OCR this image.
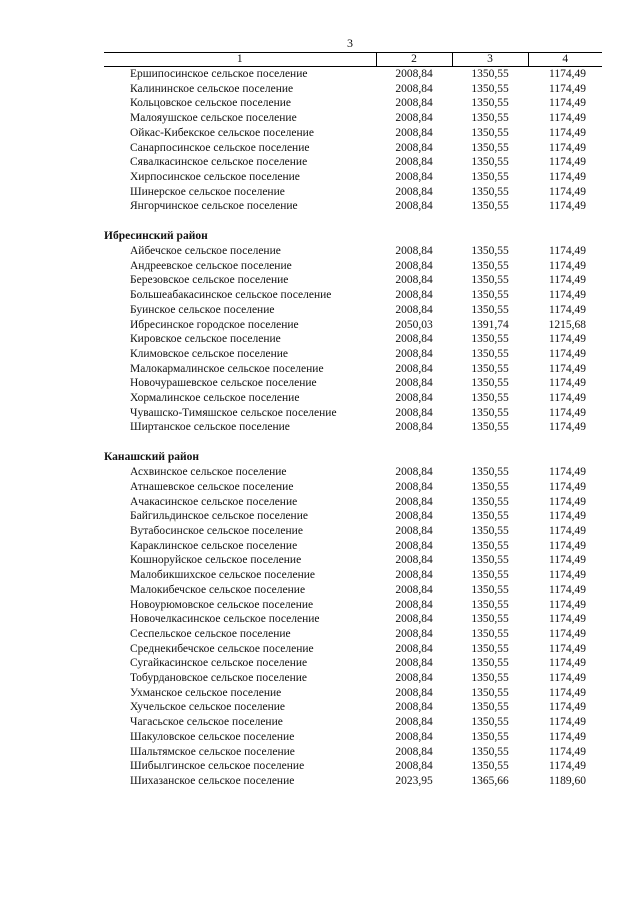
3
1	2	3	4
Ершипосинское сельское поселение	2008,84	1350,55	1174,49
Калининское сельское поселение	2008,84	1350,55	1174,49
Кольцовское сельское поселение	2008,84	1350,55	1174,49
Малояушское сельское поселение	2008,84	1350,55	1174,49
Ойкас-Кибекское сельское поселение	2008,84	1350,55	1174,49
Санарпосинское сельское поселение	2008,84	1350,55	1174,49
Сявалкасинское сельское поселение	2008,84	1350,55	1174,49
Хирпосинское сельское поселение	2008,84	1350,55	1174,49
Шинерское сельское поселение	2008,84	1350,55	1174,49
Янгорчинское сельское поселение	2008,84	1350,55	1174,49

Ибресинский район			
Айбечское сельское поселение	2008,84	1350,55	1174,49
Андреевское сельское поселение	2008,84	1350,55	1174,49
Березовское сельское поселение	2008,84	1350,55	1174,49
Большеабакасинское сельское поселение	2008,84	1350,55	1174,49
Буинское сельское поселение	2008,84	1350,55	1174,49
Ибресинское городское поселение	2050,03	1391,74	1215,68
Кировское сельское поселение	2008,84	1350,55	1174,49
Климовское сельское поселение	2008,84	1350,55	1174,49
Малокармалинское сельское поселение	2008,84	1350,55	1174,49
Новочурашевское сельское поселение	2008,84	1350,55	1174,49
Хормалинское сельское поселение	2008,84	1350,55	1174,49
Чувашско-Тимяшское сельское поселение	2008,84	1350,55	1174,49
Ширтанское сельское поселение	2008,84	1350,55	1174,49

Канашский район			
Асхвинское сельское поселение	2008,84	1350,55	1174,49
Атнашевское сельское поселение	2008,84	1350,55	1174,49
Ачакасинское сельское поселение	2008,84	1350,55	1174,49
Байгильдинское сельское поселение	2008,84	1350,55	1174,49
Вутабосинское сельское поселение	2008,84	1350,55	1174,49
Караклинское сельское поселение	2008,84	1350,55	1174,49
Кошноруйское сельское поселение	2008,84	1350,55	1174,49
Малобикшихское сельское поселение	2008,84	1350,55	1174,49
Малокибечское сельское поселение	2008,84	1350,55	1174,49
Новоурюмовское сельское поселение	2008,84	1350,55	1174,49
Новочелкасинское сельское поселение	2008,84	1350,55	1174,49
Сеспельское сельское поселение	2008,84	1350,55	1174,49
Среднекибечское сельское поселение	2008,84	1350,55	1174,49
Сугайкасинское сельское поселение	2008,84	1350,55	1174,49
Тобурдановское сельское поселение	2008,84	1350,55	1174,49
Ухманское сельское поселение	2008,84	1350,55	1174,49
Хучельское сельское поселение	2008,84	1350,55	1174,49
Чагасьское сельское поселение	2008,84	1350,55	1174,49
Шакуловское сельское поселение	2008,84	1350,55	1174,49
Шальтямское сельское поселение	2008,84	1350,55	1174,49
Шибылгинское сельское поселение	2008,84	1350,55	1174,49
Шихазанское сельское поселение	2023,95	1365,66	1189,60
